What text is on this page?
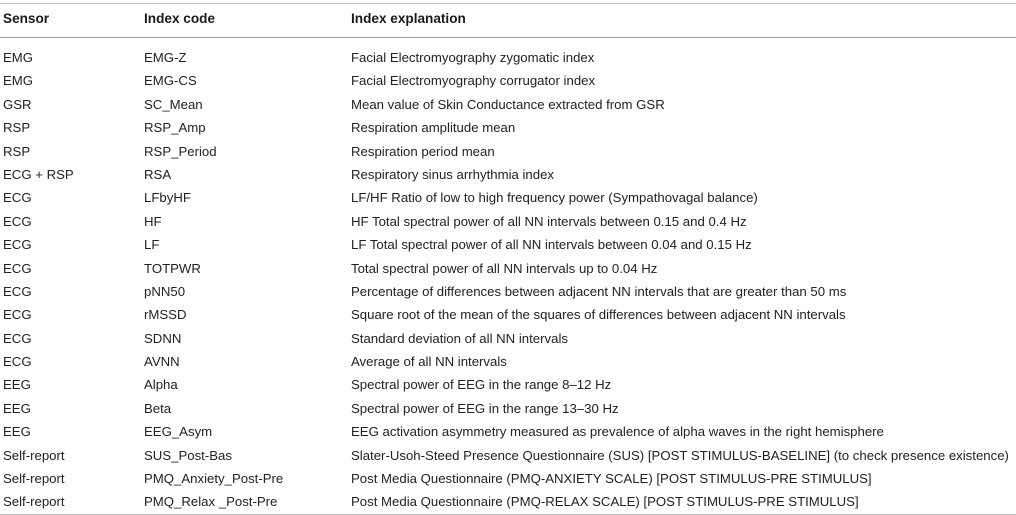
Sensor	Index code	Index explanation
EMG	EMG-Z	Facial Electromyography zygomatic index
EMG	EMG-CS	Facial Electromyography corrugator index
GSR	SC_Mean	Mean value of Skin Conductance extracted from GSR
RSP	RSP_Amp	Respiration amplitude mean
RSP	RSP_Period	Respiration period mean
ECG + RSP	RSA	Respiratory sinus arrhythmia index
ECG	LFbyHF	LF/HF Ratio of low to high frequency power (Sympathovagal balance)
ECG	HF	HF Total spectral power of all NN intervals between 0.15 and 0.4 Hz
ECG	LF	LF Total spectral power of all NN intervals between 0.04 and 0.15 Hz
ECG	TOTPWR	Total spectral power of all NN intervals up to 0.04 Hz
ECG	pNN50	Percentage of differences between adjacent NN intervals that are greater than 50 ms
ECG	rMSSD	Square root of the mean of the squares of differences between adjacent NN intervals
ECG	SDNN	Standard deviation of all NN intervals
ECG	AVNN	Average of all NN intervals
EEG	Alpha	Spectral power of EEG in the range 8–12 Hz
EEG	Beta	Spectral power of EEG in the range 13–30 Hz
EEG	EEG_Asym	EEG activation asymmetry measured as prevalence of alpha waves in the right hemisphere
Self-report	SUS_Post-Bas	Slater-Usoh-Steed Presence Questionnaire (SUS) [POST STIMULUS-BASELINE] (to check presence existence)
Self-report	PMQ_Anxiety_Post-Pre	Post Media Questionnaire (PMQ-ANXIETY SCALE) [POST STIMULUS-PRE STIMULUS]
Self-report	PMQ_Relax _Post-Pre	Post Media Questionnaire (PMQ-RELAX SCALE) [POST STIMULUS-PRE STIMULUS]
